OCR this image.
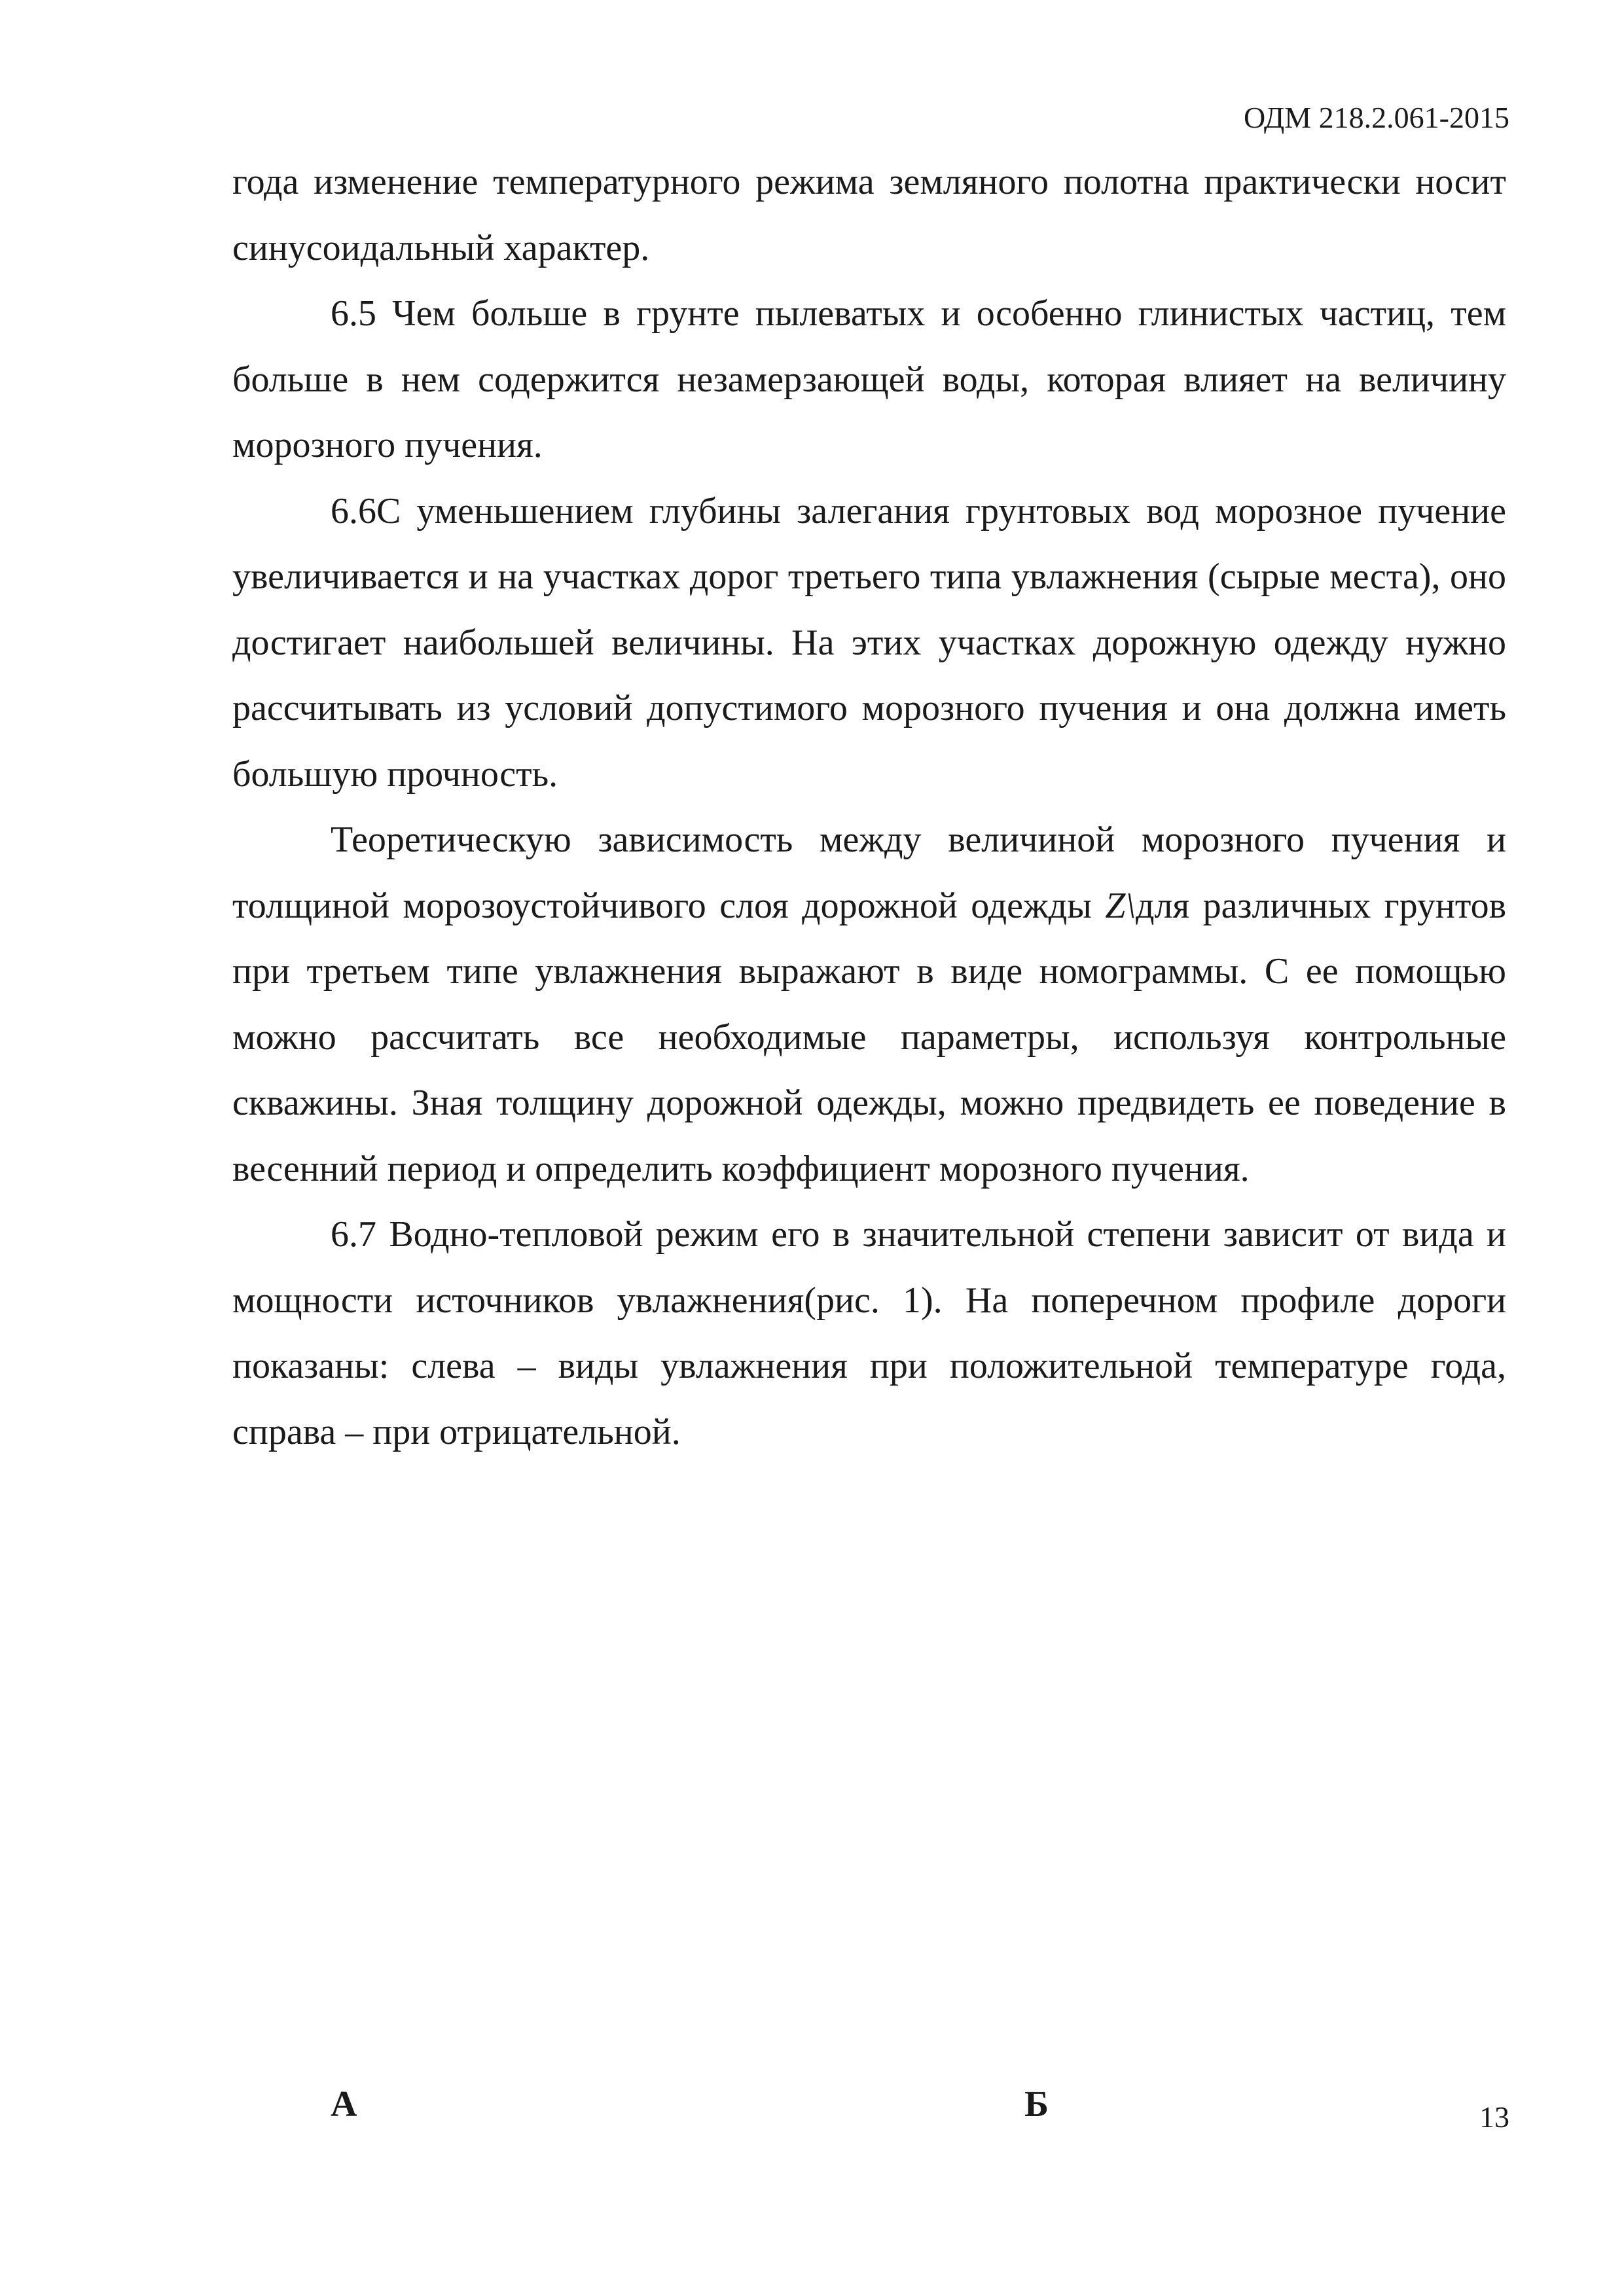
ОДМ 218.2.061-2015

года изменение температурного режима земляного полотна практически носит синусоидальный характер.

6.5 Чем больше в грунте пылеватых и особенно глинистых частиц, тем больше в нем содержится незамерзающей воды, которая влияет на величину морозного пучения.

6.6С уменьшением глубины залегания грунтовых вод морозное пучение увеличивается и на участках дорог третьего типа увлажнения (сырые места), оно достигает наибольшей величины. На этих участках дорожную одежду нужно рассчитывать из условий допустимого морозного пучения и она должна иметь большую прочность.

Теоретическую зависимость между величиной морозного пучения и толщиной морозоустойчивого слоя дорожной одежды Z\для различных грунтов при третьем типе увлажнения выражают в виде номограммы. С ее помощью можно рассчитать все необходимые параметры, используя контрольные скважины. Зная толщину дорожной одежды, можно предвидеть ее поведение в весенний период и определить коэффициент морозного пучения.

6.7 Водно-тепловой режим его в значительной степени зависит от вида и мощности источников увлажнения(рис. 1). На поперечном профиле дороги показаны: слева – виды увлажнения при положительной температуре года, справа – при отрицательной.

А	Б	13
